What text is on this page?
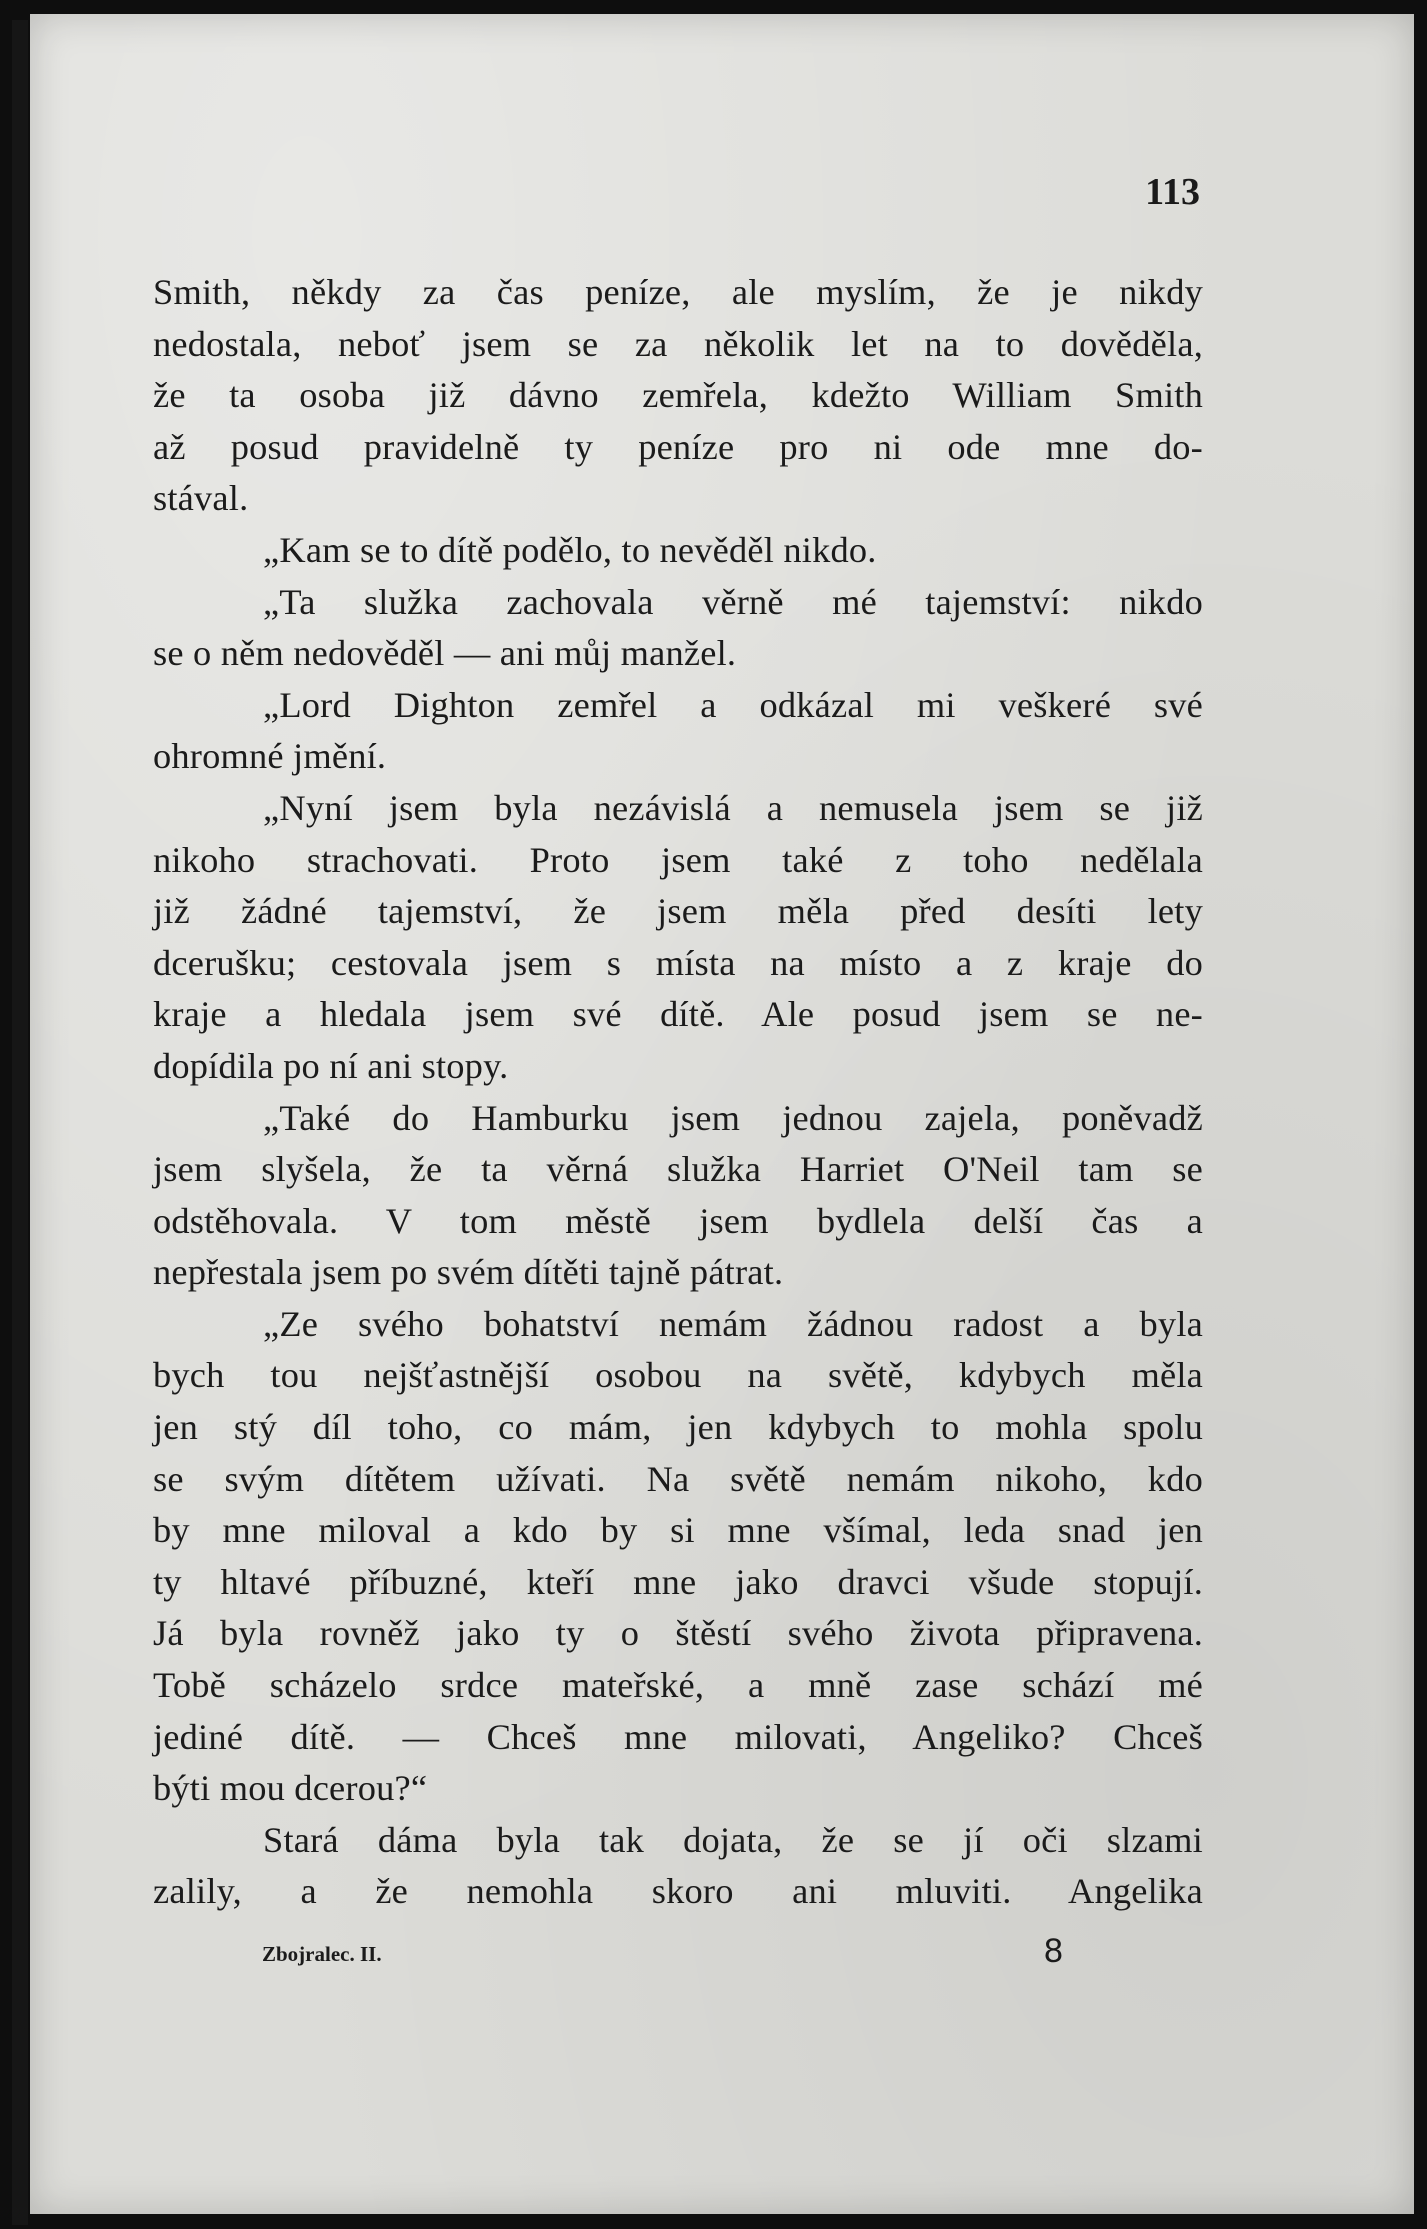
113
Smith, někdy za čas peníze, ale myslím, že je nikdy
nedostala, neboť jsem se za několik let na to dověděla,
že ta osoba již dávno zemřela, kdežto William Smith
až posud pravidelně ty peníze pro ni ode mne do-
stával.
„Kam se to dítě podělo, to nevěděl nikdo.
„Ta služka zachovala věrně mé tajemství: nikdo
se o něm nedověděl — ani můj manžel.
„Lord Dighton zemřel a odkázal mi veškeré své
ohromné jmění.
„Nyní jsem byla nezávislá a nemusela jsem se již
nikoho strachovati. Proto jsem také z toho nedělala
již žádné tajemství, že jsem měla před desíti lety
dcerušku; cestovala jsem s místa na místo a z kraje do
kraje a hledala jsem své dítě. Ale posud jsem se ne-
dopídila po ní ani stopy.
„Také do Hamburku jsem jednou zajela, poněvadž
jsem slyšela, že ta věrná služka Harriet O'Neil tam se
odstěhovala. V tom městě jsem bydlela delší čas a
nepřestala jsem po svém dítěti tajně pátrat.
„Ze svého bohatství nemám žádnou radost a byla
bych tou nejšťastnější osobou na světě, kdybych měla
jen stý díl toho, co mám, jen kdybych to mohla spolu
se svým dítětem užívati. Na světě nemám nikoho, kdo
by mne miloval a kdo by si mne všímal, leda snad jen
ty hltavé příbuzné, kteří mne jako dravci všude stopují.
Já byla rovněž jako ty o štěstí svého života připravena.
Tobě scházelo srdce mateřské, a mně zase schází mé
jediné dítě. — Chceš mne milovati, Angeliko? Chceš
býti mou dcerou?“
Stará dáma byla tak dojata, že se jí oči slzami
zalily, a že nemohla skoro ani mluviti. Angelika
Zbojralec. II.	8
